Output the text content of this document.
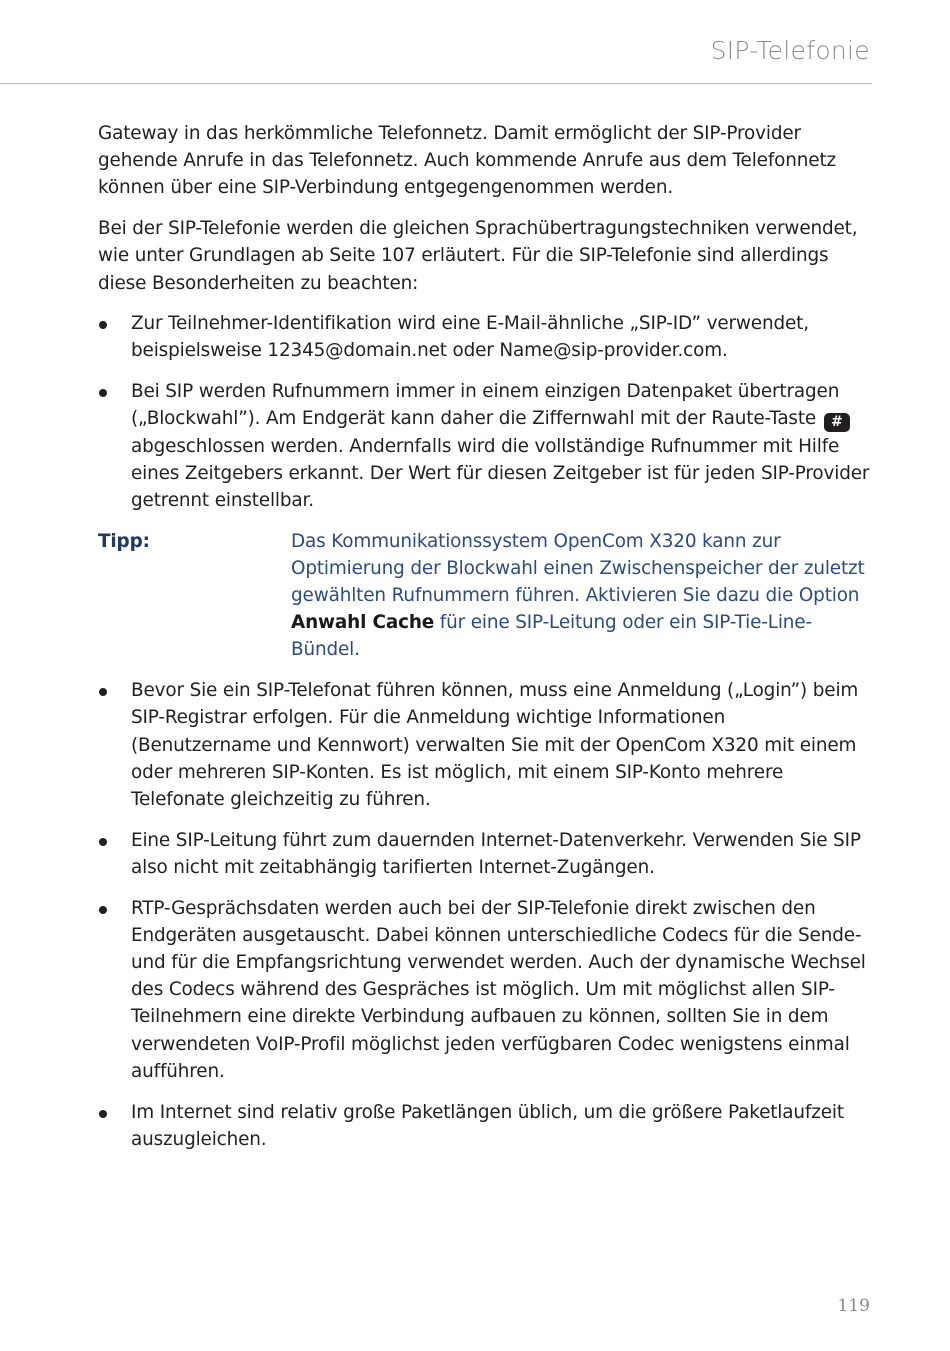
SIP-Telefonie

Gateway in das herkömmliche Telefonnetz. Damit ermöglicht der SIP-Provider gehende Anrufe in das Telefonnetz. Auch kommende Anrufe aus dem Telefonnetz können über eine SIP-Verbindung entgegengenommen werden.

Bei der SIP-Telefonie werden die gleichen Sprachübertragungstechniken verwendet, wie unter Grundlagen ab Seite 107 erläutert. Für die SIP-Telefonie sind allerdings diese Besonderheiten zu beachten:

Zur Teilnehmer-Identifikation wird eine E-Mail-ähnliche „SIP-ID” verwendet, beispielsweise 12345@domain.net oder Name@sip-provider.com.
Bei SIP werden Rufnummern immer in einem einzigen Datenpaket übertragen („Blockwahl”). Am Endgerät kann daher die Ziffernwahl mit der Raute-Taste # abgeschlossen werden. Andernfalls wird die vollständige Rufnummer mit Hilfe eines Zeitgebers erkannt. Der Wert für diesen Zeitgeber ist für jeden SIP-Provider getrennt einstellbar.
Tipp:	Das Kommunikationssystem OpenCom X320 kann zur Optimierung der Blockwahl einen Zwischenspeicher der zuletzt gewählten Rufnummern führen. Aktivieren Sie dazu die Option Anwahl Cache für eine SIP-Leitung oder ein SIP-Tie-Line-Bündel.
Bevor Sie ein SIP-Telefonat führen können, muss eine Anmeldung („Login”) beim SIP-Registrar erfolgen. Für die Anmeldung wichtige Informationen (Benutzername und Kennwort) verwalten Sie mit der OpenCom X320 mit einem oder mehreren SIP-Konten. Es ist möglich, mit einem SIP-Konto mehrere Telefonate gleichzeitig zu führen.
Eine SIP-Leitung führt zum dauernden Internet-Datenverkehr. Verwenden Sie SIP also nicht mit zeitabhängig tarifierten Internet-Zugängen.
RTP-Gesprächsdaten werden auch bei der SIP-Telefonie direkt zwischen den Endgeräten ausgetauscht. Dabei können unterschiedliche Codecs für die Sende- und für die Empfangsrichtung verwendet werden. Auch der dynamische Wechsel des Codecs während des Gespräches ist möglich. Um mit möglichst allen SIP-Teilnehmern eine direkte Verbindung aufbauen zu können, sollten Sie in dem verwendeten VoIP-Profil möglichst jeden verfügbaren Codec wenigstens einmal aufführen.
Im Internet sind relativ große Paketlängen üblich, um die größere Paketlaufzeit auszugleichen.
119
